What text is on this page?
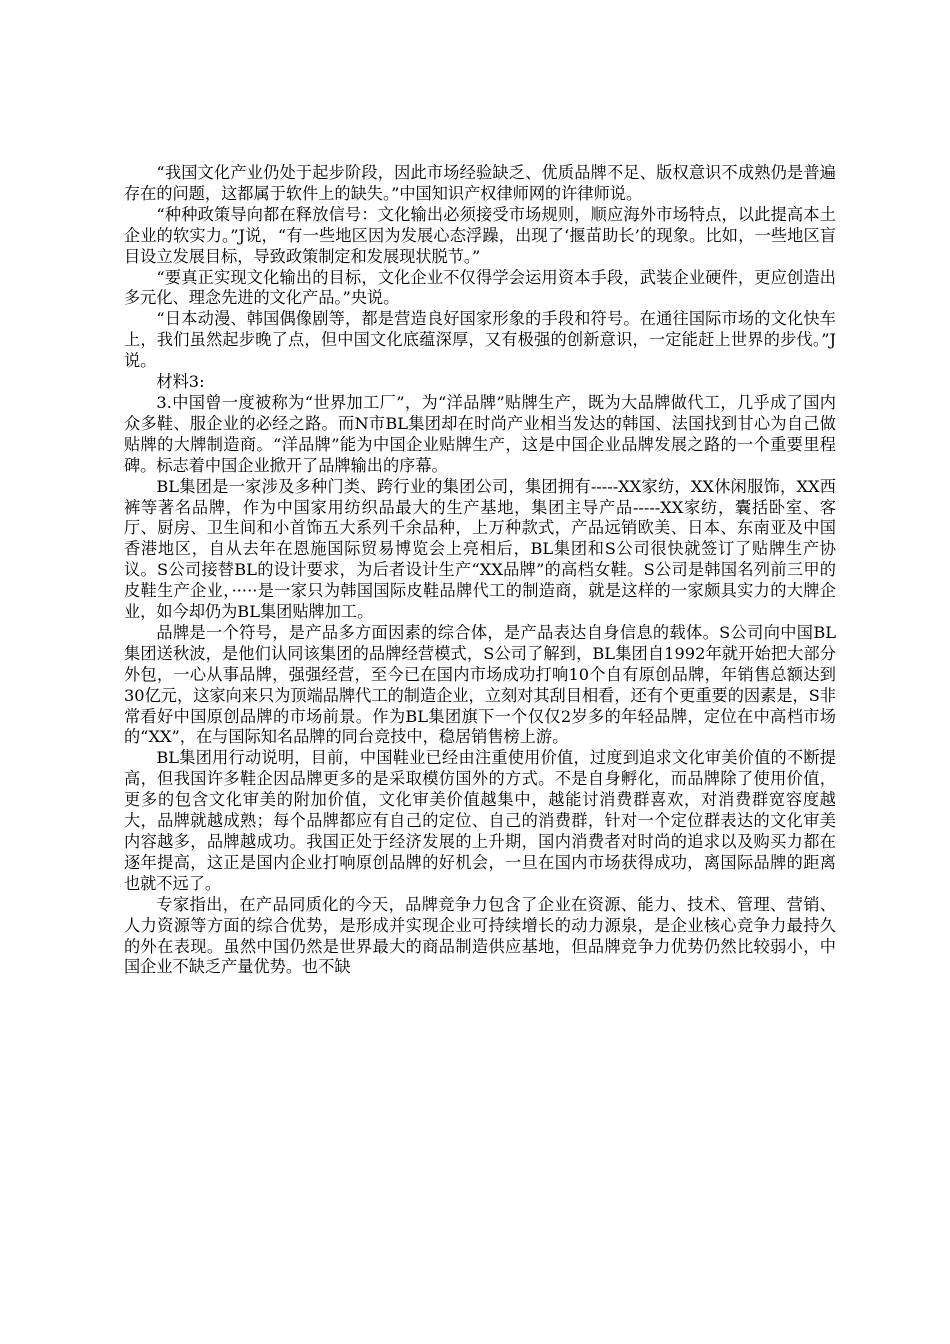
“我国文化产业仍处于起步阶段，因此市场经验缺乏、优质品牌不足、版权意识不成熟仍是普遍存在的问题，这都属于软件上的缺失。”中国知识产权律师网的许律师说。

“种种政策导向都在释放信号：文化输出必须接受市场规则，顺应海外市场特点，以此提高本土企业的软实力。”J说，“有一些地区因为发展心态浮躁，出现了‘揠苗助长’的现象。比如，一些地区盲目设立发展目标，导致政策制定和发展现状脱节。”

“要真正实现文化输出的目标，文化企业不仅得学会运用资本手段，武装企业硬件，更应创造出多元化、理念先进的文化产品。”央说。

“日本动漫、韩国偶像剧等，都是营造良好国家形象的手段和符号。在通往国际市场的文化快车上，我们虽然起步晚了点，但中国文化底蕴深厚，又有极强的创新意识，一定能赶上世界的步伐。”J说。

材料3:

3.中国曾一度被称为“世界加工厂”，为“洋品牌”贴牌生产，既为大品牌做代工，几乎成了国内众多鞋、服企业的必经之路。而N市BL集团却在时尚产业相当发达的韩国、法国找到甘心为自己做贴牌的大牌制造商。“洋品牌”能为中国企业贴牌生产，这是中国企业品牌发展之路的一个重要里程碑。标志着中国企业掀开了品牌输出的序幕。

BL集团是一家涉及多种门类、跨行业的集团公司，集团拥有-----XX家纺，XX休闲服饰，XX西裤等著名品牌，作为中国家用纺织品最大的生产基地，集团主导产品-----XX家纺，囊括卧室、客厅、厨房、卫生间和小首饰五大系列千余品种，上万种款式，产品远销欧美、日本、东南亚及中国香港地区，自从去年在恩施国际贸易博览会上亮相后，BL集团和S公司很快就签订了贴牌生产协议。S公司接替BL的设计要求，为后者设计生产“XX品牌”的高档女鞋。S公司是韩国名列前三甲的皮鞋生产企业，·····是一家只为韩国国际皮鞋品牌代工的制造商，就是这样的一家颇具实力的大牌企业，如今却仍为BL集团贴牌加工。

品牌是一个符号，是产品多方面因素的综合体，是产品表达自身信息的载体。S公司向中国BL集团送秋波，是他们认同该集团的品牌经营模式，S公司了解到，BL集团自1992年就开始把大部分外包，一心从事品牌，强强经营，至今已在国内市场成功打响10个自有原创品牌，年销售总额达到30亿元，这家向来只为顶端品牌代工的制造企业，立刻对其刮目相看，还有个更重要的因素是，S非常看好中国原创品牌的市场前景。作为BL集团旗下一个仅仅2岁多的年轻品牌，定位在中高档市场的“XX”，在与国际知名品牌的同台竞技中，稳居销售榜上游。

BL集团用行动说明，目前，中国鞋业已经由注重使用价值，过度到追求文化审美价值的不断提高，但我国许多鞋企因品牌更多的是采取模仿国外的方式。不是自身孵化，而品牌除了使用价值，更多的包含文化审美的附加价值，文化审美价值越集中，越能讨消费群喜欢，对消费群宽容度越大，品牌就越成熟；每个品牌都应有自己的定位、自己的消费群，针对一个定位群表达的文化审美内容越多，品牌越成功。我国正处于经济发展的上升期，国内消费者对时尚的追求以及购买力都在逐年提高，这正是国内企业打响原创品牌的好机会，一旦在国内市场获得成功，离国际品牌的距离也就不远了。

专家指出，在产品同质化的今天，品牌竞争力包含了企业在资源、能力、技术、管理、营销、人力资源等方面的综合优势，是形成并实现企业可持续增长的动力源泉，是企业核心竞争力最持久的外在表现。虽然中国仍然是世界最大的商品制造供应基地，但品牌竞争力优势仍然比较弱小，中国企业不缺乏产量优势。也不缺
